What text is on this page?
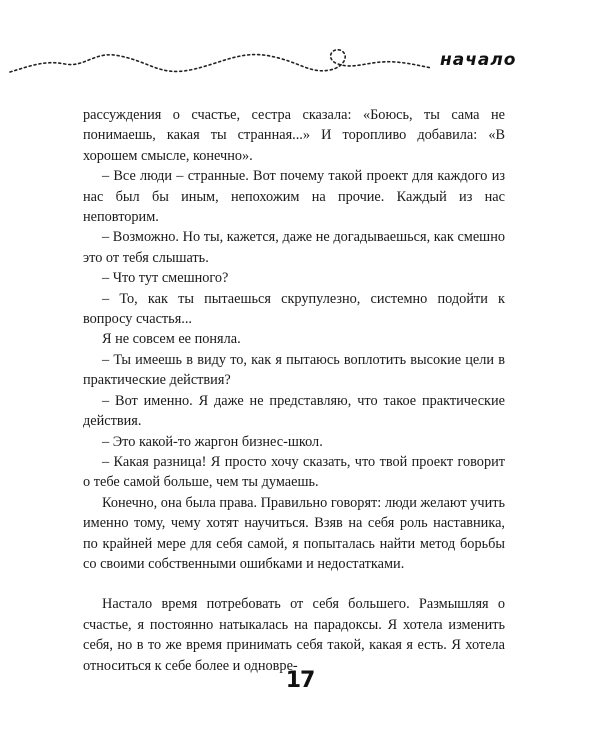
начало

рассуждения о счастье, сестра сказала: «Боюсь, ты сама не понимаешь, какая ты странная...» И торопливо добавила: «В хорошем смысле, конечно».

– Все люди – странные. Вот почему такой проект для каждого из нас был бы иным, непохожим на прочие. Каждый из нас неповторим.

– Возможно. Но ты, кажется, даже не догадываешься, как смешно это от тебя слышать.

– Что тут смешного?

– То, как ты пытаешься скрупулезно, системно подойти к вопросу счастья...

Я не совсем ее поняла.

– Ты имеешь в виду то, как я пытаюсь воплотить высокие цели в практические действия?

– Вот именно. Я даже не представляю, что такое практические действия.

– Это какой-то жаргон бизнес-школ.

– Какая разница! Я просто хочу сказать, что твой проект говорит о тебе самой больше, чем ты думаешь.

Конечно, она была права. Правильно говорят: люди желают учить именно тому, чему хотят научиться. Взяв на себя роль наставника, по крайней мере для себя самой, я попыталась найти метод борьбы со своими собственными ошибками и недостатками.

Настало время потребовать от себя большего. Размышляя о счастье, я постоянно натыкалась на парадоксы. Я хотела изменить себя, но в то же время принимать себя такой, какая я есть. Я хотела относиться к себе более и одновре-

17
